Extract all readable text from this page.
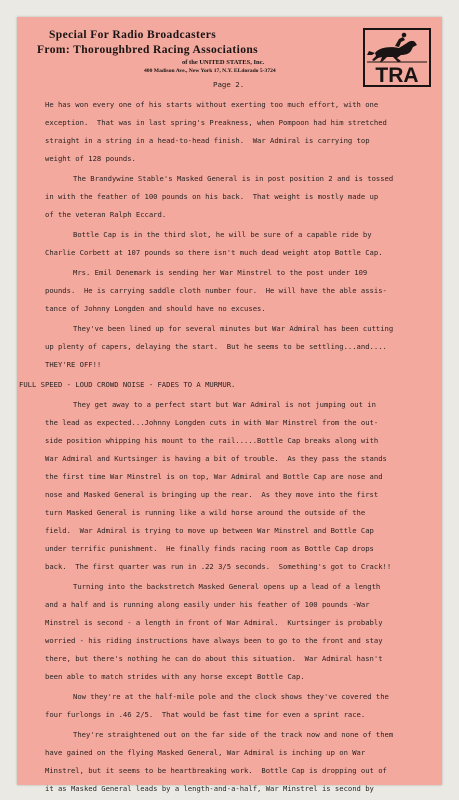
Special For Radio Broadcasters
From: Thoroughbred Racing Associations
of the UNITED STATES, Inc.
400 Madison Ave., New York 17, N.Y. ELdorado 5-3724	TRA
Page 2.
He has won every one of his starts without exerting too much effort, with one
exception.  That was in last spring's Preakness, when Pompoon had him stretched
straight in a string in a head-to-head finish.  War Admiral is carrying top
weight of 128 pounds.
The Brandywine Stable's Masked General is in post position 2 and is tossed
in with the feather of 100 pounds on his back.  That weight is mostly made up
of the veteran Ralph Eccard.
Bottle Cap is in the third slot, he will be sure of a capable ride by
Charlie Corbett at 107 pounds so there isn't much dead weight atop Bottle Cap.
Mrs. Emil Denemark is sending her War Minstrel to the post under 109
pounds.  He is carrying saddle cloth number four.  He will have the able assis-
tance of Johnny Longden and should have no excuses.
They've been lined up for several minutes but War Admiral has been cutting
up plenty of capers, delaying the start.  But he seems to be settling...and....
THEY'RE OFF!!
FULL SPEED - LOUD CROWD NOISE - FADES TO A MURMUR.
They get away to a perfect start but War Admiral is not jumping out in
the lead as expected...Johnny Longden cuts in with War Minstrel from the out-
side position whipping his mount to the rail.....Bottle Cap breaks along with
War Admiral and Kurtsinger is having a bit of trouble.  As they pass the stands
the first time War Minstrel is on top, War Admiral and Bottle Cap are nose and
nose and Masked General is bringing up the rear.  As they move into the first
turn Masked General is running like a wild horse around the outside of the
field.  War Admiral is trying to move up between War Minstrel and Bottle Cap
under terrific punishment.  He finally finds racing room as Bottle Cap drops
back.  The first quarter was run in .22 3/5 seconds.  Something's got to Crack!!
Turning into the backstretch Masked General opens up a lead of a length
and a half and is running along easily under his feather of 100 pounds -War
Minstrel is second - a length in front of War Admiral.  Kurtsinger is probably
worried - his riding instructions have always been to go to the front and stay
there, but there's nothing he can do about this situation.  War Admiral hasn't
been able to match strides with any horse except Bottle Cap.
Now they're at the half-mile pole and the clock shows they've covered the
four furlongs in .46 2/5.  That would be fast time for even a sprint race.
They're straightened out on the far side of the track now and none of them
have gained on the flying Masked General, War Admiral is inching up on War
Minstrel, but it seems to be heartbreaking work.  Bottle Cap is dropping out of
it as Masked General leads by a length-and-a-half, War Minstrel is second by
